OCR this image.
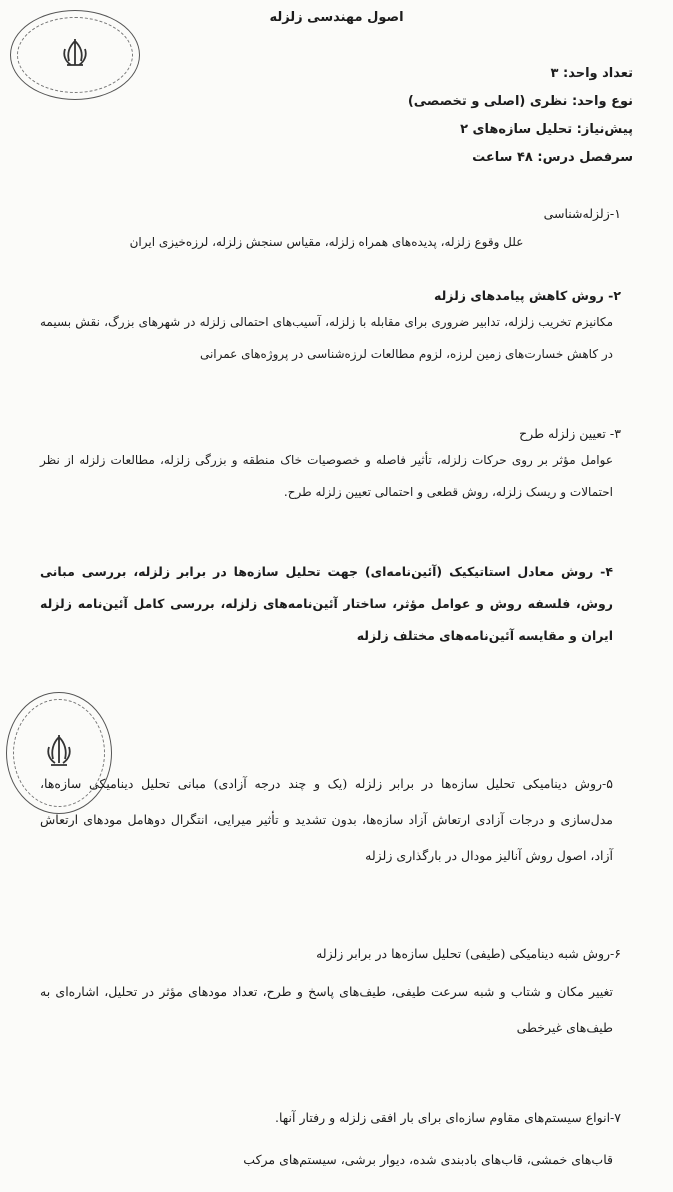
اصول مهندسی زلزله
تعداد واحد: ۳
نوع واحد: نظری (اصلی و تخصصی)
پیش‌نیاز: تحلیل سازه‌های ۲
سرفصل درس: ۴۸ ساعت
۱-زلزله‌شناسی
علل وقوع زلزله، پدیده‌های همراه زلزله، مقیاس سنجش زلزله، لرزه‌خیزی ایران
۲- روش کاهش پیامدهای زلزله
مکانیزم تخریب زلزله، تدابیر ضروری برای مقابله با زلزله، آسیب‌های احتمالی زلزله در شهرهای بزرگ، نقش بسیمه در کاهش خسارت‌های زمین لرزه، لزوم مطالعات لرزه‌شناسی در پروژه‌های عمرانی
۳- تعیین زلزله طرح
عوامل مؤثر بر روی حرکات زلزله، تأثیر فاصله و خصوصیات خاک منطقه و بزرگی زلزله، مطالعات زلزله از نظر احتمالات و ریسک زلزله، روش قطعی و احتمالی تعیین زلزله طرح.
۴- روش معادل استاتیکیک (آئین‌نامه‌ای) جهت تحلیل سازه‌ها در برابر زلزله، بررسی مبانی روش، فلسفه روش و عوامل مؤثر، ساختار آئین‌نامه‌های زلزله، بررسی کامل آئین‌نامه زلزله ایران و مقایسه آئین‌نامه‌های مختلف زلزله
۵-روش دینامیکی تحلیل سازه‌ها در برابر زلزله (یک و چند درجه آزادی) مبانی تحلیل دینامیکی سازه‌ها، مدل‌سازی و درجات آزادی ارتعاش آزاد سازه‌ها، بدون تشدید و تأثیر میرایی، انتگرال دوهامل مودهای ارتعاش آزاد، اصول روش آنالیز مودال در بارگذاری زلزله
۶-روش شبه دینامیکی (طیفی) تحلیل سازه‌ها در برابر زلزله
تغییر مکان و شتاب و شبه سرعت طیفی، طیف‌های پاسخ و طرح، تعداد مودهای مؤثر در تحلیل، اشاره‌ای به طیف‌های غیرخطی
۷-انواع سیستم‌های مقاوم سازه‌ای برای بار افقی زلزله و رفتار آنها.
قاب‌های خمشی، قاب‌های بادبندی شده، دیوار برشی، سیستم‌های مرکب
